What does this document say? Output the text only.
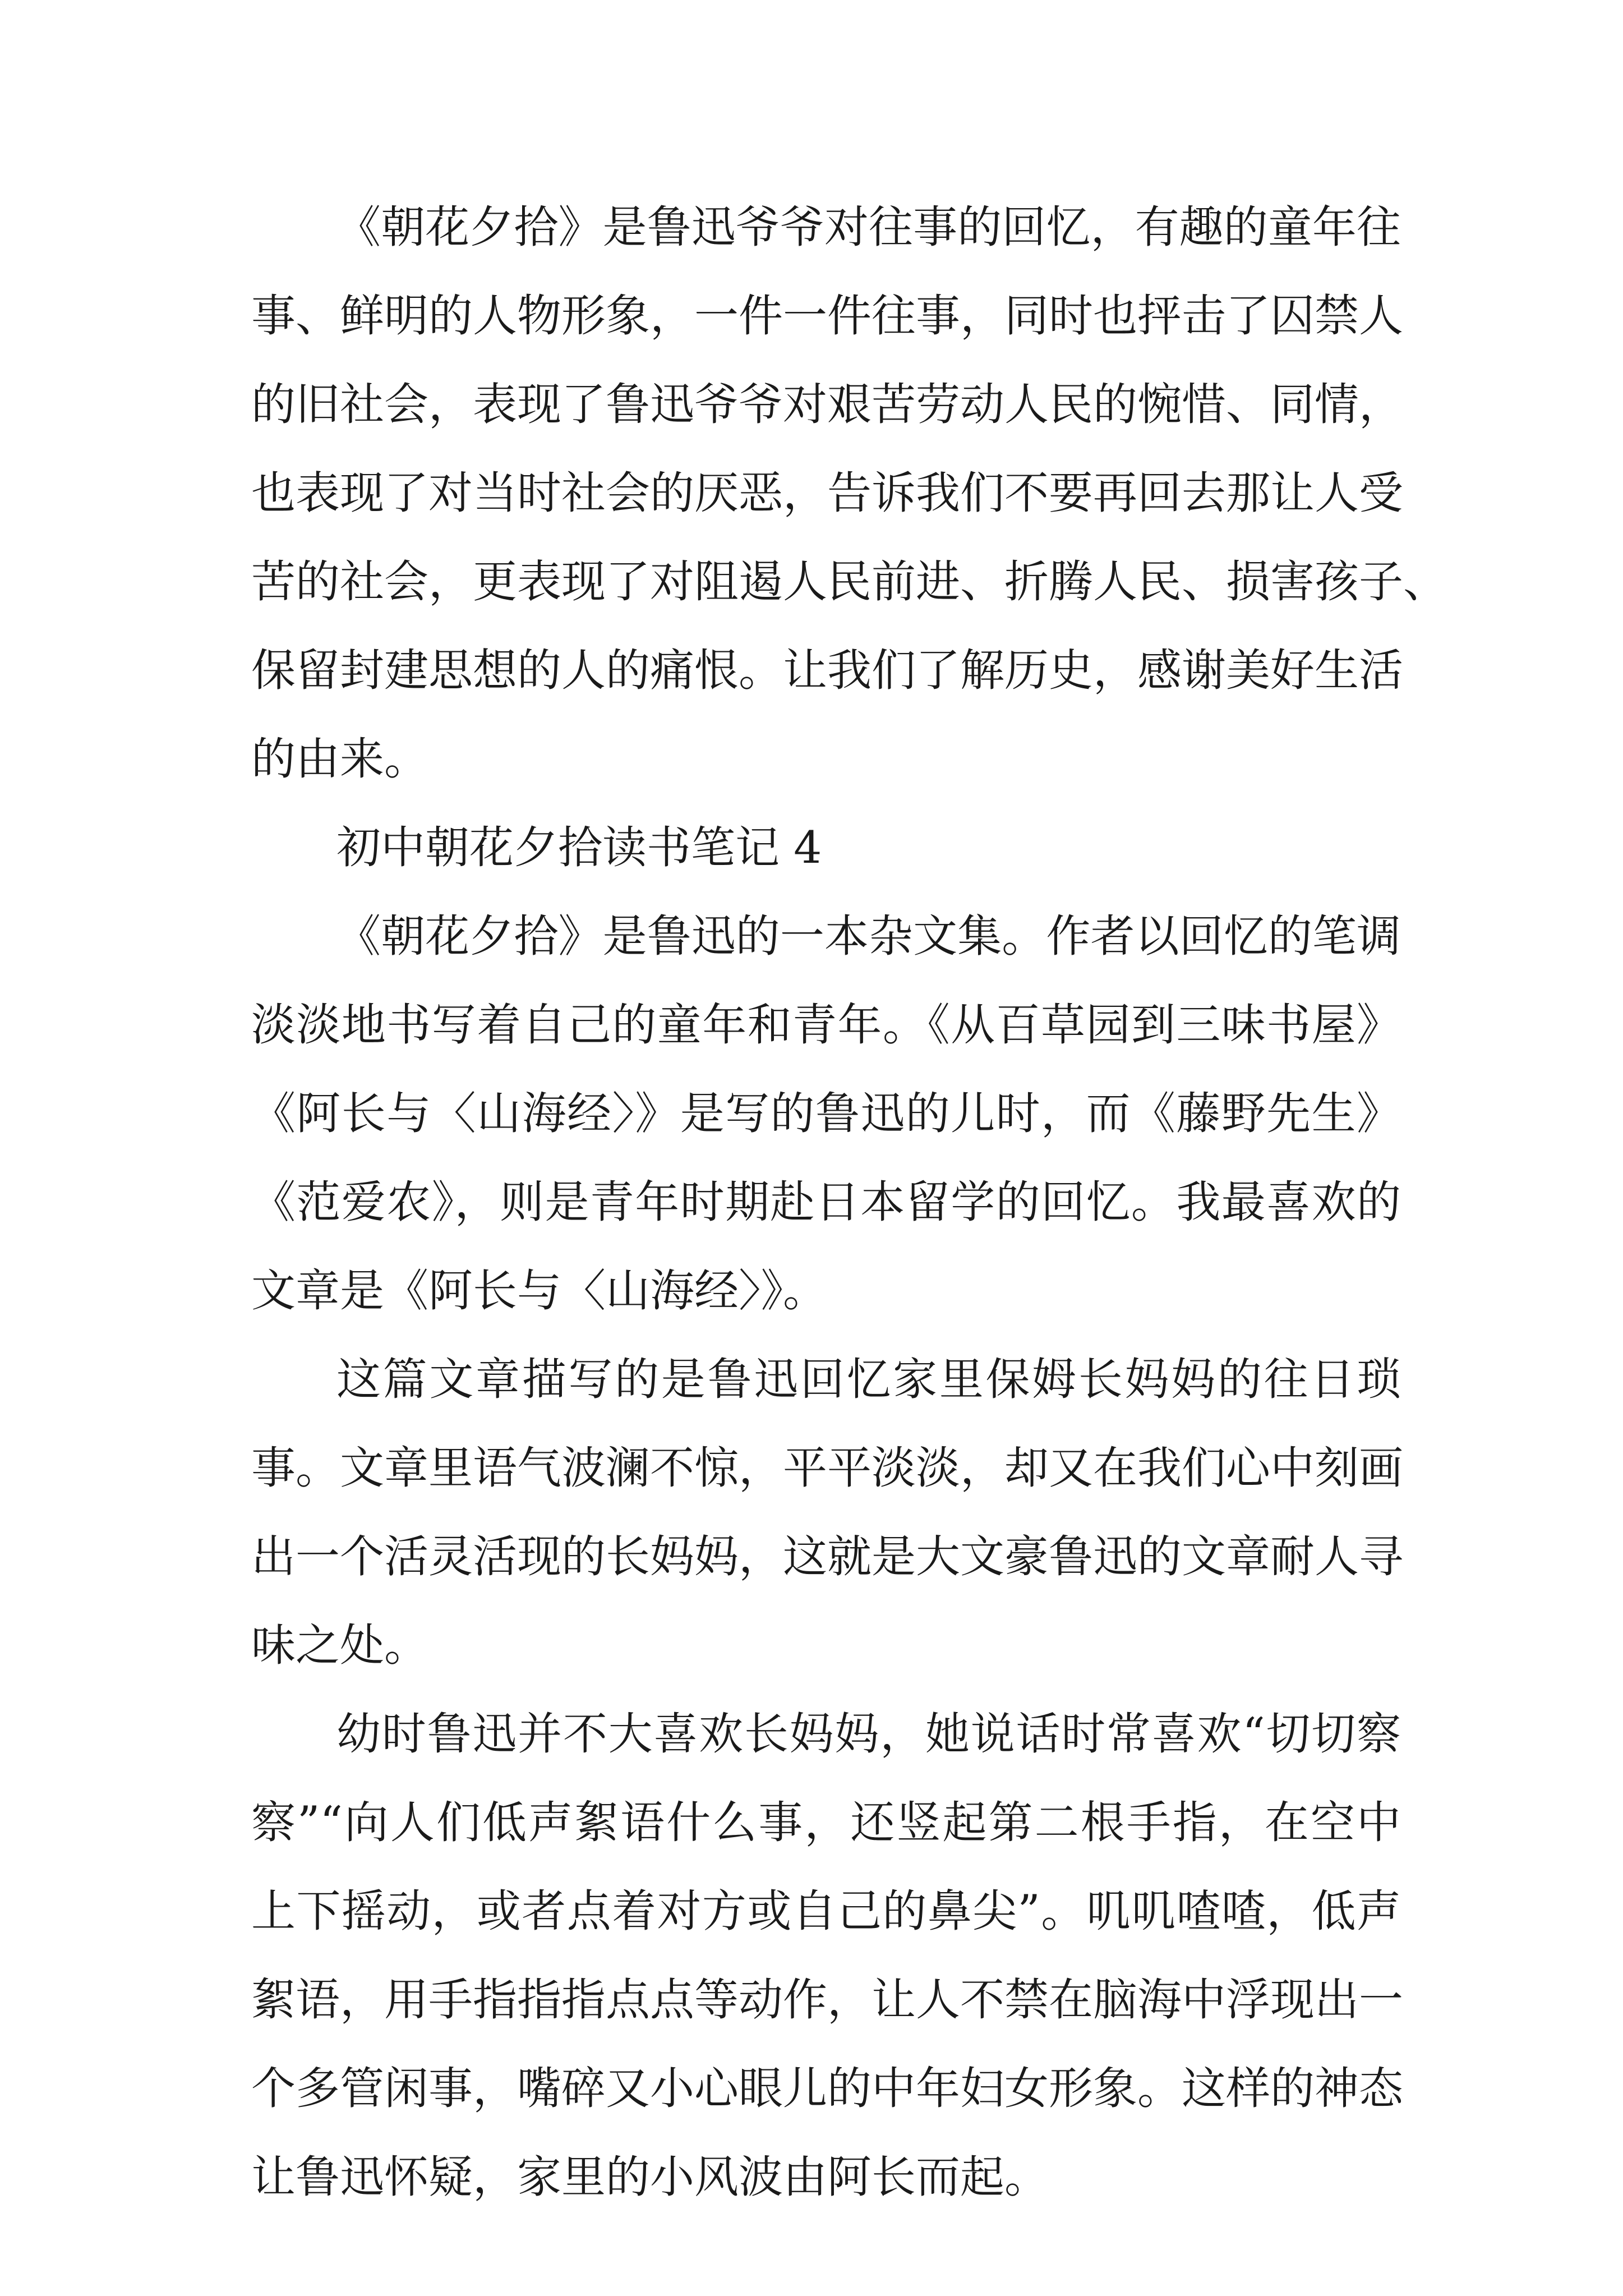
《朝花夕拾》是鲁迅爷爷对往事的回忆，有趣的童年往
事、鲜明的人物形象，一件一件往事，同时也抨击了囚禁人
的旧社会，表现了鲁迅爷爷对艰苦劳动人民的惋惜、同情，
也表现了对当时社会的厌恶，告诉我们不要再回去那让人受
苦的社会，更表现了对阻遏人民前进、折腾人民、损害孩子、
保留封建思想的人的痛恨。让我们了解历史，感谢美好生活
的由来。
初中朝花夕拾读书笔记 4
《朝花夕拾》是鲁迅的一本杂文集。作者以回忆的笔调
淡淡地书写着自己的童年和青年。《从百草园到三味书屋》
《阿长与〈山海经〉》是写的鲁迅的儿时，而《藤野先生》
《范爱农》，则是青年时期赴日本留学的回忆。我最喜欢的
文章是《阿长与〈山海经〉》。
这篇文章描写的是鲁迅回忆家里保姆长妈妈的往日琐
事。文章里语气波澜不惊，平平淡淡，却又在我们心中刻画
出一个活灵活现的长妈妈，这就是大文豪鲁迅的文章耐人寻
味之处。
幼时鲁迅并不大喜欢长妈妈，她说话时常喜欢“切切察
察”“向人们低声絮语什么事，还竖起第二根手指，在空中
上下摇动，或者点着对方或自己的鼻尖”。叽叽喳喳，低声
絮语，用手指指指点点等动作，让人不禁在脑海中浮现出一
个多管闲事，嘴碎又小心眼儿的中年妇女形象。这样的神态
让鲁迅怀疑，家里的小风波由阿长而起。
